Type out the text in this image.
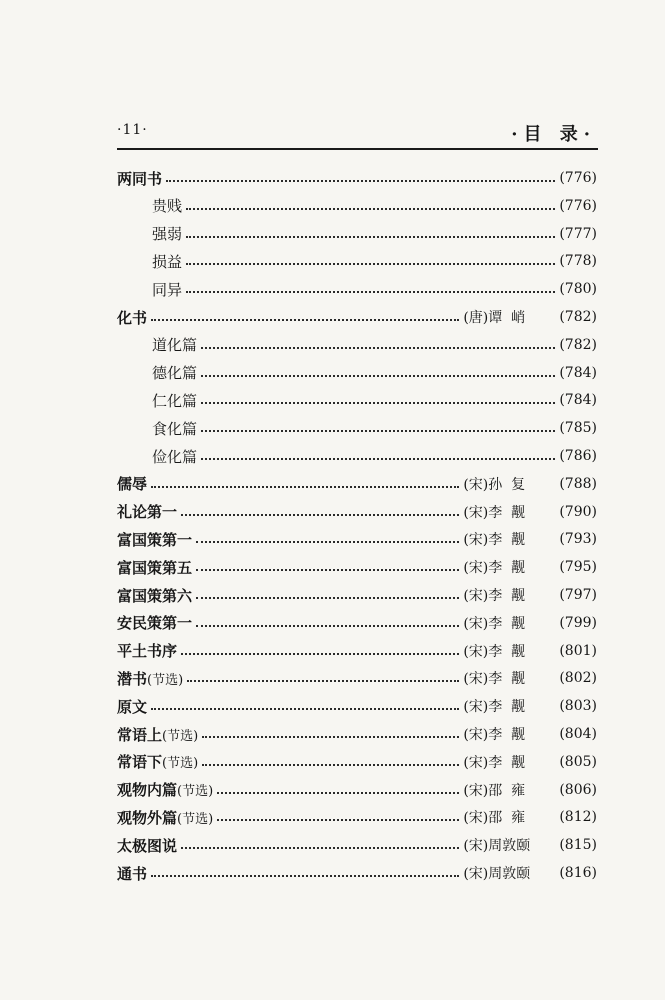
·11·	·目 录·
两同书	(776)
贵贱	(776)
强弱	(777)
损益	(778)
同异	(780)
化书	(唐)谭  峭	(782)
道化篇	(782)
德化篇	(784)
仁化篇	(784)
食化篇	(785)
俭化篇	(786)
儒辱	(宋)孙  复	(788)
礼论第一	(宋)李  觏	(790)
富国策第一	(宋)李  觏	(793)
富国策第五	(宋)李  觏	(795)
富国策第六	(宋)李  觏	(797)
安民策第一	(宋)李  觏	(799)
平土书序	(宋)李  觏	(801)
潜书(节选)	(宋)李  觏	(802)
原文	(宋)李  觏	(803)
常语上(节选)	(宋)李  觏	(804)
常语下(节选)	(宋)李  觏	(805)
观物内篇(节选)	(宋)邵  雍	(806)
观物外篇(节选)	(宋)邵  雍	(812)
太极图说	(宋)周敦颐	(815)
通书	(宋)周敦颐	(816)
